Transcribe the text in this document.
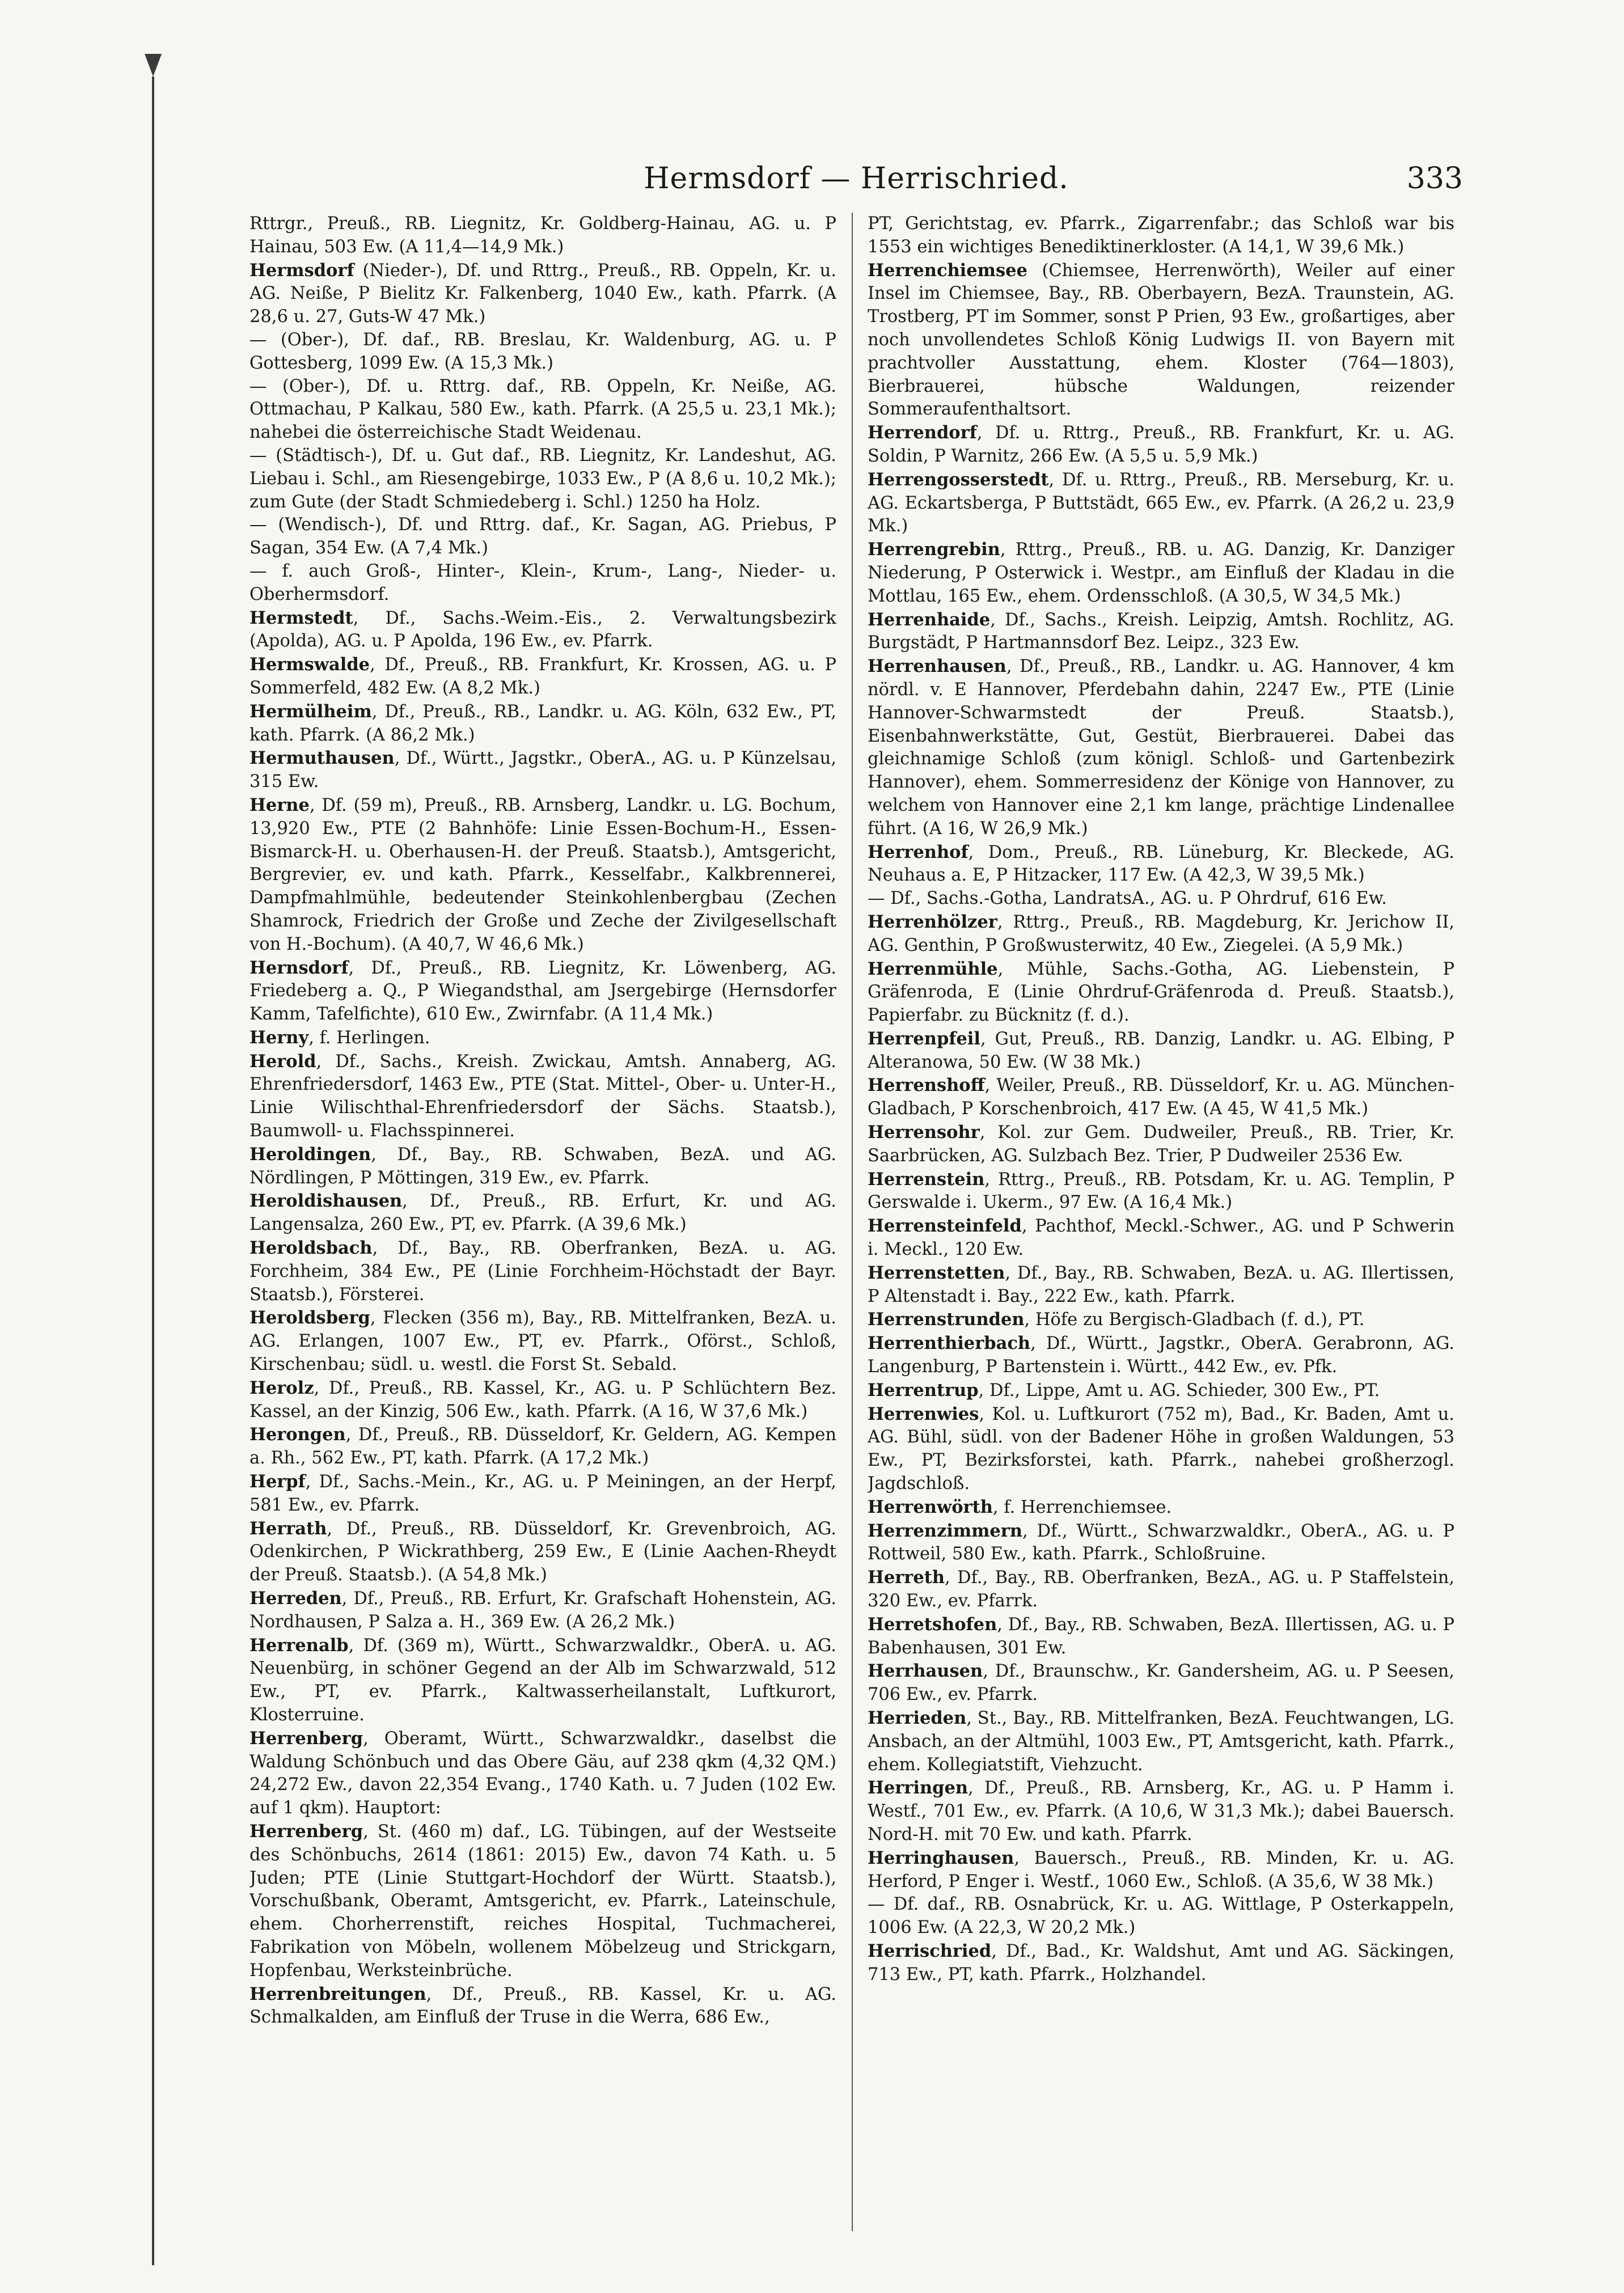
Hermsdorf — Herrischried.	333

Rttrgr., Preuß., RB. Liegnitz, Kr. Goldberg-Hainau, AG. u. P Hainau, 503 Ew. (A 11,4—14,9 Mk.)

Hermsdorf (Nieder-), Df. und Rttrg., Preuß., RB. Oppeln, Kr. u. AG. Neiße, P Bielitz Kr. Falkenberg, 1040 Ew., kath. Pfarrk. (A 28,6 u. 27, Guts-W 47 Mk.)

— (Ober-), Df. daf., RB. Breslau, Kr. Waldenburg, AG. u. P Gottesberg, 1099 Ew. (A 15,3 Mk.)

— (Ober-), Df. u. Rttrg. daf., RB. Oppeln, Kr. Neiße, AG. Ottmachau, P Kalkau, 580 Ew., kath. Pfarrk. (A 25,5 u. 23,1 Mk.); nahebei die österreichische Stadt Weidenau.

— (Städtisch-), Df. u. Gut daf., RB. Liegnitz, Kr. Landeshut, AG. Liebau i. Schl., am Riesengebirge, 1033 Ew., P (A 8,6 u. 10,2 Mk.); zum Gute (der Stadt Schmiedeberg i. Schl.) 1250 ha Holz.

— (Wendisch-), Df. und Rttrg. daf., Kr. Sagan, AG. Priebus, P Sagan, 354 Ew. (A 7,4 Mk.)

— f. auch Groß-, Hinter-, Klein-, Krum-, Lang-, Nieder- u. Oberhermsdorf.

Hermstedt, Df., Sachs.-Weim.-Eis., 2. Verwaltungsbezirk (Apolda), AG. u. P Apolda, 196 Ew., ev. Pfarrk.

Hermswalde, Df., Preuß., RB. Frankfurt, Kr. Krossen, AG. u. P Sommerfeld, 482 Ew. (A 8,2 Mk.)

Hermülheim, Df., Preuß., RB., Landkr. u. AG. Köln, 632 Ew., PT, kath. Pfarrk. (A 86,2 Mk.)

Hermuthausen, Df., Württ., Jagstkr., OberA., AG. u. P Künzelsau, 315 Ew.

Herne, Df. (59 m), Preuß., RB. Arnsberg, Landkr. u. LG. Bochum, 13,920 Ew., PTE (2 Bahnhöfe: Linie Essen-Bochum-H., Essen-Bismarck-H. u. Oberhausen-H. der Preuß. Staatsb.), Amtsgericht, Bergrevier, ev. und kath. Pfarrk., Kesselfabr., Kalkbrennerei, Dampfmahlmühle, bedeutender Steinkohlenbergbau (Zechen Shamrock, Friedrich der Große und Zeche der Zivilgesellschaft von H.-Bochum). (A 40,7, W 46,6 Mk.)

Hernsdorf, Df., Preuß., RB. Liegnitz, Kr. Löwenberg, AG. Friedeberg a. Q., P Wiegandsthal, am Jsergebirge (Hernsdorfer Kamm, Tafelfichte), 610 Ew., Zwirnfabr. (A 11,4 Mk.)

Herny, f. Herlingen.

Herold, Df., Sachs., Kreish. Zwickau, Amtsh. Annaberg, AG. Ehrenfriedersdorf, 1463 Ew., PTE (Stat. Mittel-, Ober- u. Unter-H., Linie Wilischthal-Ehrenfriedersdorf der Sächs. Staatsb.), Baumwoll- u. Flachsspinnerei.

Heroldingen, Df., Bay., RB. Schwaben, BezA. und AG. Nördlingen, P Möttingen, 319 Ew., ev. Pfarrk.

Heroldishausen, Df., Preuß., RB. Erfurt, Kr. und AG. Langensalza, 260 Ew., PT, ev. Pfarrk. (A 39,6 Mk.)

Heroldsbach, Df., Bay., RB. Oberfranken, BezA. u. AG. Forchheim, 384 Ew., PE (Linie Forchheim-Höchstadt der Bayr. Staatsb.), Försterei.

Heroldsberg, Flecken (356 m), Bay., RB. Mittelfranken, BezA. u. AG. Erlangen, 1007 Ew., PT, ev. Pfarrk., Oförst., Schloß, Kirschenbau; südl. u. westl. die Forst St. Sebald.

Herolz, Df., Preuß., RB. Kassel, Kr., AG. u. P Schlüchtern Bez. Kassel, an der Kinzig, 506 Ew., kath. Pfarrk. (A 16, W 37,6 Mk.)

Herongen, Df., Preuß., RB. Düsseldorf, Kr. Geldern, AG. Kempen a. Rh., 562 Ew., PT, kath. Pfarrk. (A 17,2 Mk.)

Herpf, Df., Sachs.-Mein., Kr., AG. u. P Meiningen, an der Herpf, 581 Ew., ev. Pfarrk.

Herrath, Df., Preuß., RB. Düsseldorf, Kr. Grevenbroich, AG. Odenkirchen, P Wickrathberg, 259 Ew., E (Linie Aachen-Rheydt der Preuß. Staatsb.). (A 54,8 Mk.)

Herreden, Df., Preuß., RB. Erfurt, Kr. Grafschaft Hohenstein, AG. Nordhausen, P Salza a. H., 369 Ew. (A 26,2 Mk.)

Herrenalb, Df. (369 m), Württ., Schwarzwaldkr., OberA. u. AG. Neuenbürg, in schöner Gegend an der Alb im Schwarzwald, 512 Ew., PT, ev. Pfarrk., Kaltwasserheilanstalt, Luftkurort, Klosterruine.

Herrenberg, Oberamt, Württ., Schwarzwaldkr., daselbst die Waldung Schönbuch und das Obere Gäu, auf 238 qkm (4,32 QM.) 24,272 Ew., davon 22,354 Evang., 1740 Kath. u. 7 Juden (102 Ew. auf 1 qkm). Hauptort:

Herrenberg, St. (460 m) daf., LG. Tübingen, auf der Westseite des Schönbuchs, 2614 (1861: 2015) Ew., davon 74 Kath. u. 5 Juden; PTE (Linie Stuttgart-Hochdorf der Württ. Staatsb.), Vorschußbank, Oberamt, Amtsgericht, ev. Pfarrk., Lateinschule, ehem. Chorherrenstift, reiches Hospital, Tuchmacherei, Fabrikation von Möbeln, wollenem Möbelzeug und Strickgarn, Hopfenbau, Werksteinbrüche.

Herrenbreitungen, Df., Preuß., RB. Kassel, Kr. u. AG. Schmalkalden, am Einfluß der Truse in die Werra, 686 Ew.,

PT, Gerichtstag, ev. Pfarrk., Zigarrenfabr.; das Schloß war bis 1553 ein wichtiges Benediktinerkloster. (A 14,1, W 39,6 Mk.)

Herrenchiemsee (Chiemsee, Herrenwörth), Weiler auf einer Insel im Chiemsee, Bay., RB. Oberbayern, BezA. Traunstein, AG. Trostberg, PT im Sommer, sonst P Prien, 93 Ew., großartiges, aber noch unvollendetes Schloß König Ludwigs II. von Bayern mit prachtvoller Ausstattung, ehem. Kloster (764—1803), Bierbrauerei, hübsche Waldungen, reizender Sommeraufenthaltsort.

Herrendorf, Df. u. Rttrg., Preuß., RB. Frankfurt, Kr. u. AG. Soldin, P Warnitz, 266 Ew. (A 5,5 u. 5,9 Mk.)

Herrengosserstedt, Df. u. Rttrg., Preuß., RB. Merseburg, Kr. u. AG. Eckartsberga, P Buttstädt, 665 Ew., ev. Pfarrk. (A 26,2 u. 23,9 Mk.)

Herrengrebin, Rttrg., Preuß., RB. u. AG. Danzig, Kr. Danziger Niederung, P Osterwick i. Westpr., am Einfluß der Kladau in die Mottlau, 165 Ew., ehem. Ordensschloß. (A 30,5, W 34,5 Mk.)

Herrenhaide, Df., Sachs., Kreish. Leipzig, Amtsh. Rochlitz, AG. Burgstädt, P Hartmannsdorf Bez. Leipz., 323 Ew.

Herrenhausen, Df., Preuß., RB., Landkr. u. AG. Hannover, 4 km nördl. v. E Hannover, Pferdebahn dahin, 2247 Ew., PTE (Linie Hannover-Schwarmstedt der Preuß. Staatsb.), Eisenbahnwerkstätte, Gut, Gestüt, Bierbrauerei. Dabei das gleichnamige Schloß (zum königl. Schloß- und Gartenbezirk Hannover), ehem. Sommerresidenz der Könige von Hannover, zu welchem von Hannover eine 2,1 km lange, prächtige Lindenallee führt. (A 16, W 26,9 Mk.)

Herrenhof, Dom., Preuß., RB. Lüneburg, Kr. Bleckede, AG. Neuhaus a. E, P Hitzacker, 117 Ew. (A 42,3, W 39,5 Mk.)

— Df., Sachs.-Gotha, LandratsA., AG. u. P Ohrdruf, 616 Ew.

Herrenhölzer, Rttrg., Preuß., RB. Magdeburg, Kr. Jerichow II, AG. Genthin, P Großwusterwitz, 40 Ew., Ziegelei. (A 5,9 Mk.)

Herrenmühle, Mühle, Sachs.-Gotha, AG. Liebenstein, P Gräfenroda, E (Linie Ohrdruf-Gräfenroda d. Preuß. Staatsb.), Papierfabr. zu Bücknitz (f. d.).

Herrenpfeil, Gut, Preuß., RB. Danzig, Landkr. u. AG. Elbing, P Alteranowa, 50 Ew. (W 38 Mk.)

Herrenshoff, Weiler, Preuß., RB. Düsseldorf, Kr. u. AG. München-Gladbach, P Korschenbroich, 417 Ew. (A 45, W 41,5 Mk.)

Herrensohr, Kol. zur Gem. Dudweiler, Preuß., RB. Trier, Kr. Saarbrücken, AG. Sulzbach Bez. Trier, P Dudweiler 2536 Ew.

Herrenstein, Rttrg., Preuß., RB. Potsdam, Kr. u. AG. Templin, P Gerswalde i. Ukerm., 97 Ew. (A 16,4 Mk.)

Herrensteinfeld, Pachthof, Meckl.-Schwer., AG. und P Schwerin i. Meckl., 120 Ew.

Herrenstetten, Df., Bay., RB. Schwaben, BezA. u. AG. Illertissen, P Altenstadt i. Bay., 222 Ew., kath. Pfarrk.

Herrenstrunden, Höfe zu Bergisch-Gladbach (f. d.), PT.

Herrenthierbach, Df., Württ., Jagstkr., OberA. Gerabronn, AG. Langenburg, P Bartenstein i. Württ., 442 Ew., ev. Pfk.

Herrentrup, Df., Lippe, Amt u. AG. Schieder, 300 Ew., PT.

Herrenwies, Kol. u. Luftkurort (752 m), Bad., Kr. Baden, Amt u. AG. Bühl, südl. von der Badener Höhe in großen Waldungen, 53 Ew., PT, Bezirksforstei, kath. Pfarrk., nahebei großherzogl. Jagdschloß.

Herrenwörth, f. Herrenchiemsee.

Herrenzimmern, Df., Württ., Schwarzwaldkr., OberA., AG. u. P Rottweil, 580 Ew., kath. Pfarrk., Schloßruine.

Herreth, Df., Bay., RB. Oberfranken, BezA., AG. u. P Staffelstein, 320 Ew., ev. Pfarrk.

Herretshofen, Df., Bay., RB. Schwaben, BezA. Illertissen, AG. u. P Babenhausen, 301 Ew.

Herrhausen, Df., Braunschw., Kr. Gandersheim, AG. u. P Seesen, 706 Ew., ev. Pfarrk.

Herrieden, St., Bay., RB. Mittelfranken, BezA. Feuchtwangen, LG. Ansbach, an der Altmühl, 1003 Ew., PT, Amtsgericht, kath. Pfarrk., ehem. Kollegiatstift, Viehzucht.

Herringen, Df., Preuß., RB. Arnsberg, Kr., AG. u. P Hamm i. Westf., 701 Ew., ev. Pfarrk. (A 10,6, W 31,3 Mk.); dabei Bauersch. Nord-H. mit 70 Ew. und kath. Pfarrk.

Herringhausen, Bauersch., Preuß., RB. Minden, Kr. u. AG. Herford, P Enger i. Westf., 1060 Ew., Schloß. (A 35,6, W 38 Mk.)

— Df. daf., RB. Osnabrück, Kr. u. AG. Wittlage, P Osterkappeln, 1006 Ew. (A 22,3, W 20,2 Mk.)

Herrischried, Df., Bad., Kr. Waldshut, Amt und AG. Säckingen, 713 Ew., PT, kath. Pfarrk., Holzhandel.
